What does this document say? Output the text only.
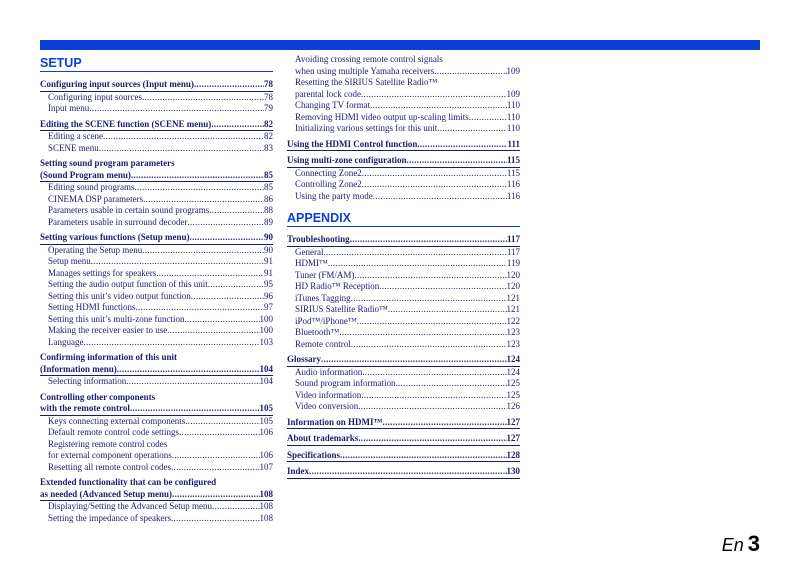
SETUP
Configuring input sources (Input menu) .....	78
Configuring input sources .....	78
Input menu .....	79
Editing the SCENE function (SCENE menu) .....	82
Editing a scene .....	82
SCENE menu .....	83
Setting sound program parameters
(Sound Program menu) .....	85
Editing sound programs .....	85
CINEMA DSP parameters .....	86
Parameters usable in certain sound programs .....	88
Parameters usable in surround decoder .....	89
Setting various functions (Setup menu) .....	90
Operating the Setup menu .....	90
Setup menu .....	91
Manages settings for speakers .....	91
Setting the audio output function of this unit .....	95
Setting this unit’s video output function .....	96
Setting HDMI functions .....	97
Setting this unit’s multi-zone function .....	100
Making the receiver easier to use .....	100
Language .....	103
Confirming information of this unit
(Information menu) .....	104
Selecting information .....	104
Controlling other components
with the remote control .....	105
Keys connecting external components .....	105
Default remote control code settings .....	106
Registering remote control codes
for external component operations .....	106
Resetting all remote control codes .....	107
Extended functionality that can be configured
as needed (Advanced Setup menu) .....	108
Displaying/Setting the Advanced Setup menu .....	108
Setting the impedance of speakers .....	108
Avoiding crossing remote control signals
when using multiple Yamaha receivers .....	109
Resetting the SIRIUS Satellite Radio™
parental lock code .....	109
Changing TV format .....	110
Removing HDMI video output up-scaling limits .....	110
Initializing various settings for this unit .....	110
Using the HDMI Control function .....	111
Using multi-zone configuration .....	115
Connecting Zone2 .....	115
Controlling Zone2 .....	116
Using the party mode .....	116
APPENDIX
Troubleshooting .....	117
General .....	117
HDMI™ .....	119
Tuner (FM/AM) .....	120
HD Radio™ Reception .....	120
iTunes Tagging .....	121
SIRIUS Satellite Radio™ .....	121
iPod™/iPhone™ .....	122
Bluetooth™ .....	123
Remote control .....	123
Glossary .....	124
Audio information .....	124
Sound program information .....	125
Video information .....	125
Video conversion .....	126
Information on HDMI™ .....	127
About trademarks .....	127
Specifications .....	128
Index .....	130
En 3
